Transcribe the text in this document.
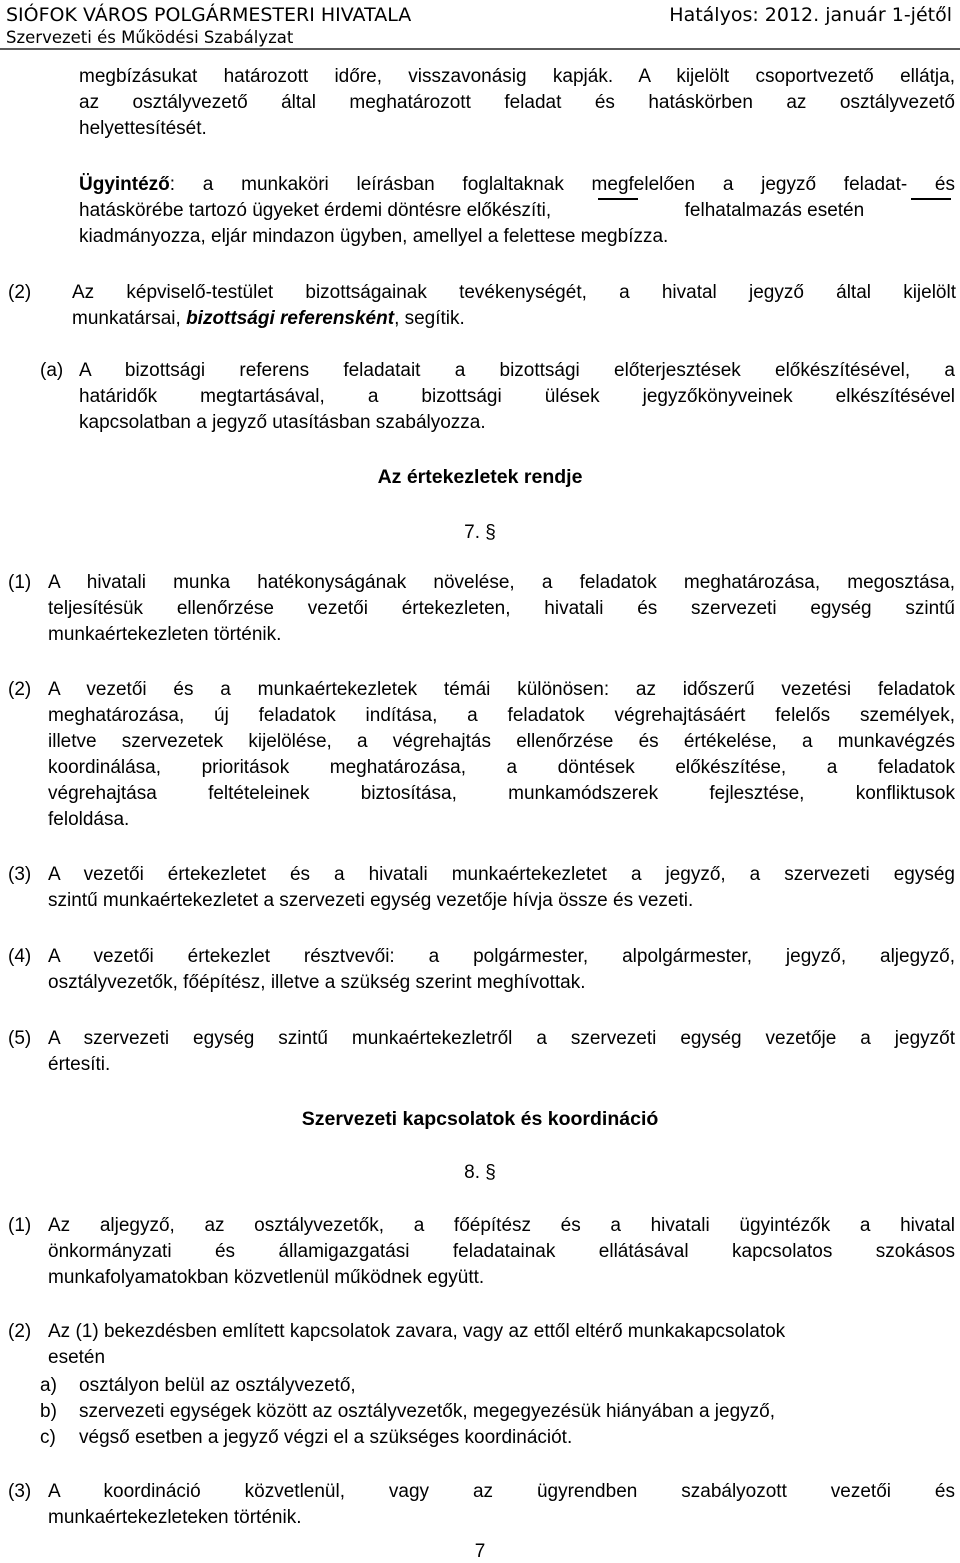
SIÓFOK VÁROS POLGÁRMESTERI HIVATALA
Szervezeti és Működési Szabályzat
Hatályos: 2012. január 1-jétől
megbízásukat határozott időre, visszavonásig kapják. A kijelölt csoportvezető ellátja,
az osztályvezető által meghatározott feladat és hatáskörben az osztályvezető
helyettesítését.
Ügyintéző: a munkaköri leírásban foglaltaknak megfelelően a jegyző feladat- és
hatáskörébe tartozó ügyeket érdemi döntésre előkészíti,	felhatalmazás esetén
kiadmányozza, eljár mindazon ügyben, amellyel a felettese megbízza.
(2) Az képviselő-testület bizottságainak tevékenységét, a hivatal jegyző által kijelölt
munkatársai, bizottsági referensként, segítik.
(a) A bizottsági referens feladatait a bizottsági előterjesztések előkészítésével, a
határidők megtartásával, a bizottsági ülések jegyzőkönyveinek elkészítésével
kapcsolatban a jegyző utasításban szabályozza.
Az értekezletek rendje
7. §
(1) A hivatali munka hatékonyságának növelése, a feladatok meghatározása, megosztása,
teljesítésük ellenőrzése vezetői értekezleten, hivatali és szervezeti egység szintű
munkaértekezleten történik.
(2) A vezetői és a munkaértekezletek témái különösen: az időszerű vezetési feladatok
meghatározása, új feladatok indítása, a feladatok végrehajtásáért felelős személyek,
illetve szervezetek kijelölése, a végrehajtás ellenőrzése és értékelése, a munkavégzés
koordinálása, prioritások meghatározása, a döntések előkészítése, a feladatok
végrehajtása feltételeinek biztosítása, munkamódszerek fejlesztése, konfliktusok
feloldása.
(3) A vezetői értekezletet és a hivatali munkaértekezletet a jegyző, a szervezeti egység
szintű munkaértekezletet a szervezeti egység vezetője hívja össze és vezeti.
(4) A vezetői értekezlet résztvevői: a polgármester, alpolgármester, jegyző, aljegyző,
osztályvezetők, főépítész, illetve a szükség szerint meghívottak.
(5) A szervezeti egység szintű munkaértekezletről a szervezeti egység vezetője a jegyzőt
értesíti.
Szervezeti kapcsolatok és koordináció
8. §
(1) Az aljegyző, az osztályvezetők, a főépítész és a hivatali ügyintézők a hivatal
önkormányzati és államigazgatási feladatainak ellátásával kapcsolatos szokásos
munkafolyamatokban közvetlenül működnek együtt.
(2) Az (1) bekezdésben említett kapcsolatok zavara, vagy az ettől eltérő munkakapcsolatok
esetén
a) osztályon belül az osztályvezető,
b) szervezeti egységek között az osztályvezetők, megegyezésük hiányában a jegyző,
c) végső esetben a jegyző végzi el a szükséges koordinációt.
(3) A koordináció közvetlenül, vagy az ügyrendben szabályozott vezetői és
munkaértekezleteken történik.
7
